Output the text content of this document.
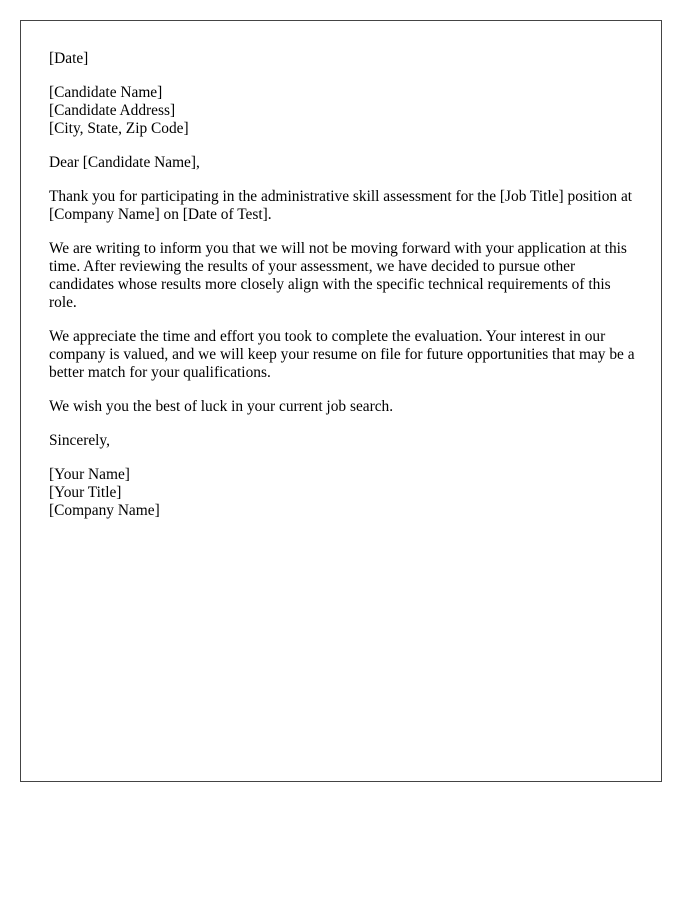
[Date]

[Candidate Name]
[Candidate Address]
[City, State, Zip Code]

Dear [Candidate Name],

Thank you for participating in the administrative skill assessment for the [Job Title] position at [Company Name] on [Date of Test].

We are writing to inform you that we will not be moving forward with your application at this time. After reviewing the results of your assessment, we have decided to pursue other candidates whose results more closely align with the specific technical requirements of this role.

We appreciate the time and effort you took to complete the evaluation. Your interest in our company is valued, and we will keep your resume on file for future opportunities that may be a better match for your qualifications.

We wish you the best of luck in your current job search.

Sincerely,

[Your Name]
[Your Title]
[Company Name]
